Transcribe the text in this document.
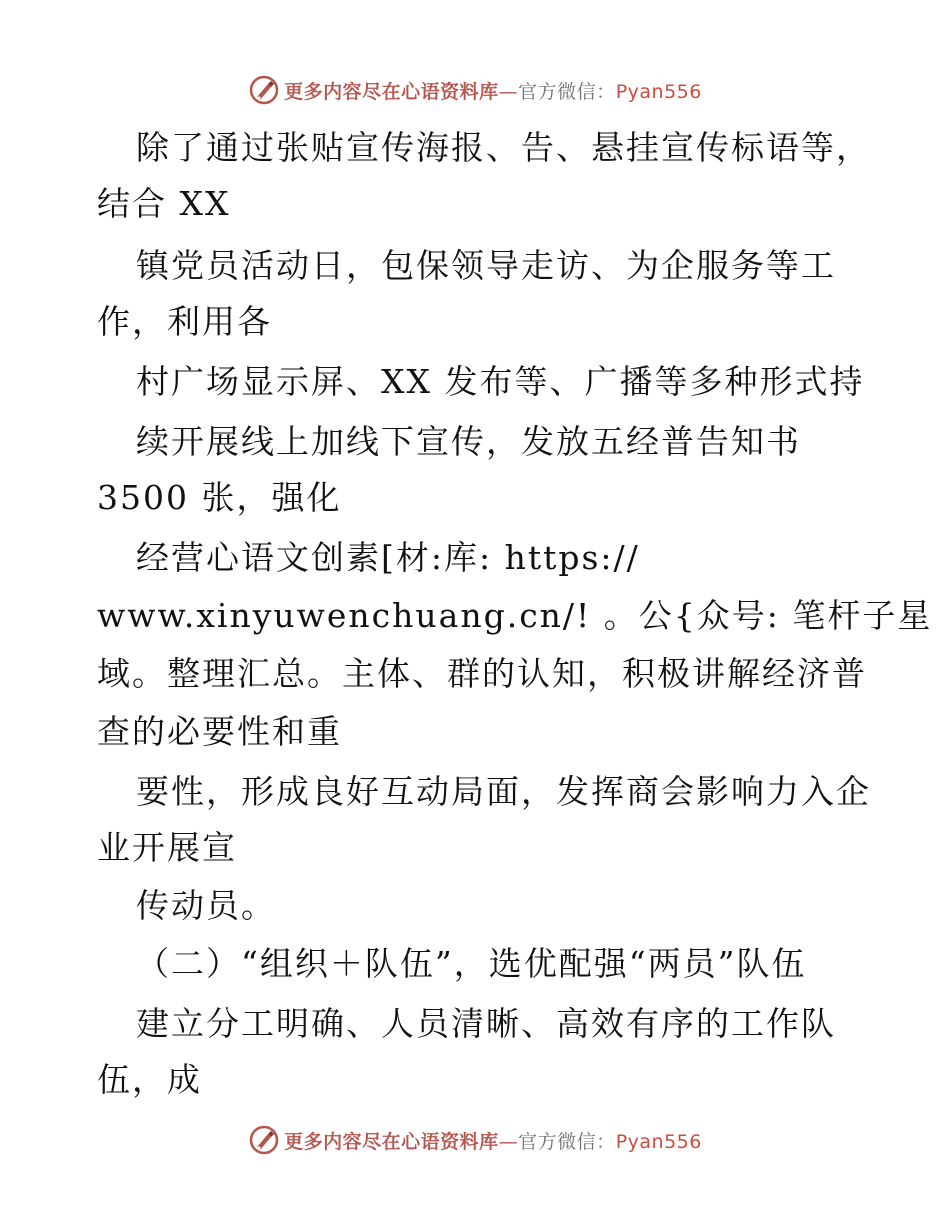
更多内容尽在心语资料库—官方微信：Pyan556
除了通过张贴宣传海报、告、悬挂宣传标语等，
结合 XX
镇党员活动日，包保领导走访、为企服务等工
作，利用各
村广场显示屏、XX 发布等、广播等多种形式持
续开展线上加线下宣传，发放五经普告知书
3500 张，强化
经营心语文创素[材:库: https://
www.xinyuwenchuang.cn/! 。公{众号: 笔杆子星
域。整理汇总。主体、群的认知，积极讲解经济普
查的必要性和重
要性，形成良好互动局面，发挥商会影响力入企
业开展宣
传动员。
（二）“组织＋队伍”，选优配强“两员”队伍
建立分工明确、人员清晰、高效有序的工作队
伍，成
更多内容尽在心语资料库—官方微信：Pyan556
